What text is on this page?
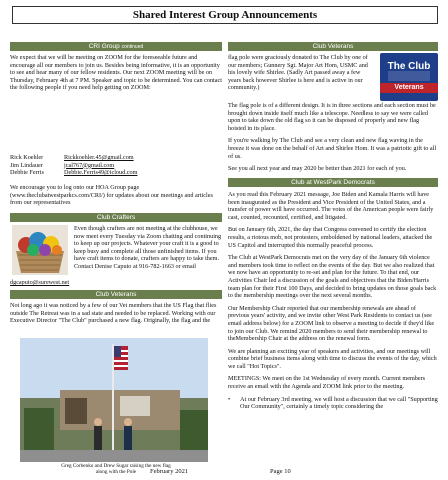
Shared Interest Group Announcements
CRI Group continued

We expect that we will be meeting on ZOOM for the foreseeable future and encourage all our members to join us. Besides being informative, it is an opportunity to see and hear many of our fellow residents. Our next ZOOM meeting will be on Thursday, February 4th at 7 PM. Speaker and topic to be determined. You can contact the following people if you need help getting on ZOOM:

Rick Koehler	Rickkoehler.45@gmail.com
Jim Lindauer	jcal767@gmail.com
Debbie Ferris	Debbie.Ferris49@icloud.com

We encourage you to log onto our HOA Group page (www.theclubatwestparkcs.com/CRI/) for updates about our meetings and articles from our representatives

Club Crafters

Even though crafters are not meeting at the clubhouse, we now meet every Tuesday via Zoom chatting and continuing to keep up our projects. Whatever your craft it is a good to keep busy and complete all those unfinished items. If you have craft items to donate, crafters are happy to take them. Contact Denise Caputo at 916-782-1663 or email

dgcaputo@surewest.net
Club Veterans

Not long ago it was noticed by a few of our Vet members that the US Flag that flies outside The Retreat was in a sad state and needed to be replaced. Working with our Executive Director "The Club" purchased a new flag. Originally, the flag and the

Greg Corbenko and Drew Sugar raising the new flag
along with the Pole
Club Veterans

flag pole were graciously donated to The Club by one of our members; Gunnery Sgt. Major Art Hom, USMC and his lovely wife Shirlee. (Sadly Art passed away a few years back however Shirlee is here and is active in our community.)

The Club
Veterans

The flag pole is of a different design. It is in three sections and each section must be brought down inside itself much like a telescope. Needless to say we were called upon to take down the old flag so it can be disposed of properly and new flag hoisted in its place.

If you're walking by The Club and see a very clean and new flag waving in the breeze it was done on the behalf of Art and Shirlee Hom. It was a patriotic gift to all of us.

See you all next year and may 2020 be better than 2021 for each of you.

Club at WestPark Democrats

As you read this February 2021 message, Joe Biden and Kamala Harris will have been inaugurated as the President and Vice President of the United States, and a transfer of power will have occurred. The votes of the American people were fairly cast, counted, recounted, certified, and litigated.

But on January 6th, 2021, the day that Congress convened to certify the election results, a riotous mob, not protesters, emboldened by national leaders, attacked the US Capitol and interrupted this normally peaceful process.

The Club at WestPark Democrats met on the very day of the January 6th violence and members took time to reflect on the events of the day. But we also realized that we now have an opportunity to re-set and plan for the future. To that end, our Activities Chair led a discussion of the goals and objectives that the Biden/Harris team plan for their First 100 Days, and decided to bring updates on those goals back to the membership meetings over the next several months.

Our Membership Chair reported that our membership renewals are ahead of previous years' activity, and we invite other West Park Residents to contact us (see email address below) for a ZOOM link to observe a meeting to decide if they'd like to join our Club. We remind 2020 members to send their membership renewal to theMembership Chair at the address on the renewal form.

We are planning an exciting year of speakers and activities, and our meetings will combine brief business items along with time to discuss the events of the day, which we call "Hot Topics".

MEETINGS: We meet on the 1st Wednesday of every month. Current members receive an email with the Agenda and ZOOM link prior to the meeting.

•	At our February 3rd meeting, we will host a discussion that we call "Supporting Our Community", certainly a timely topic considering the
February 2021	Page 10
